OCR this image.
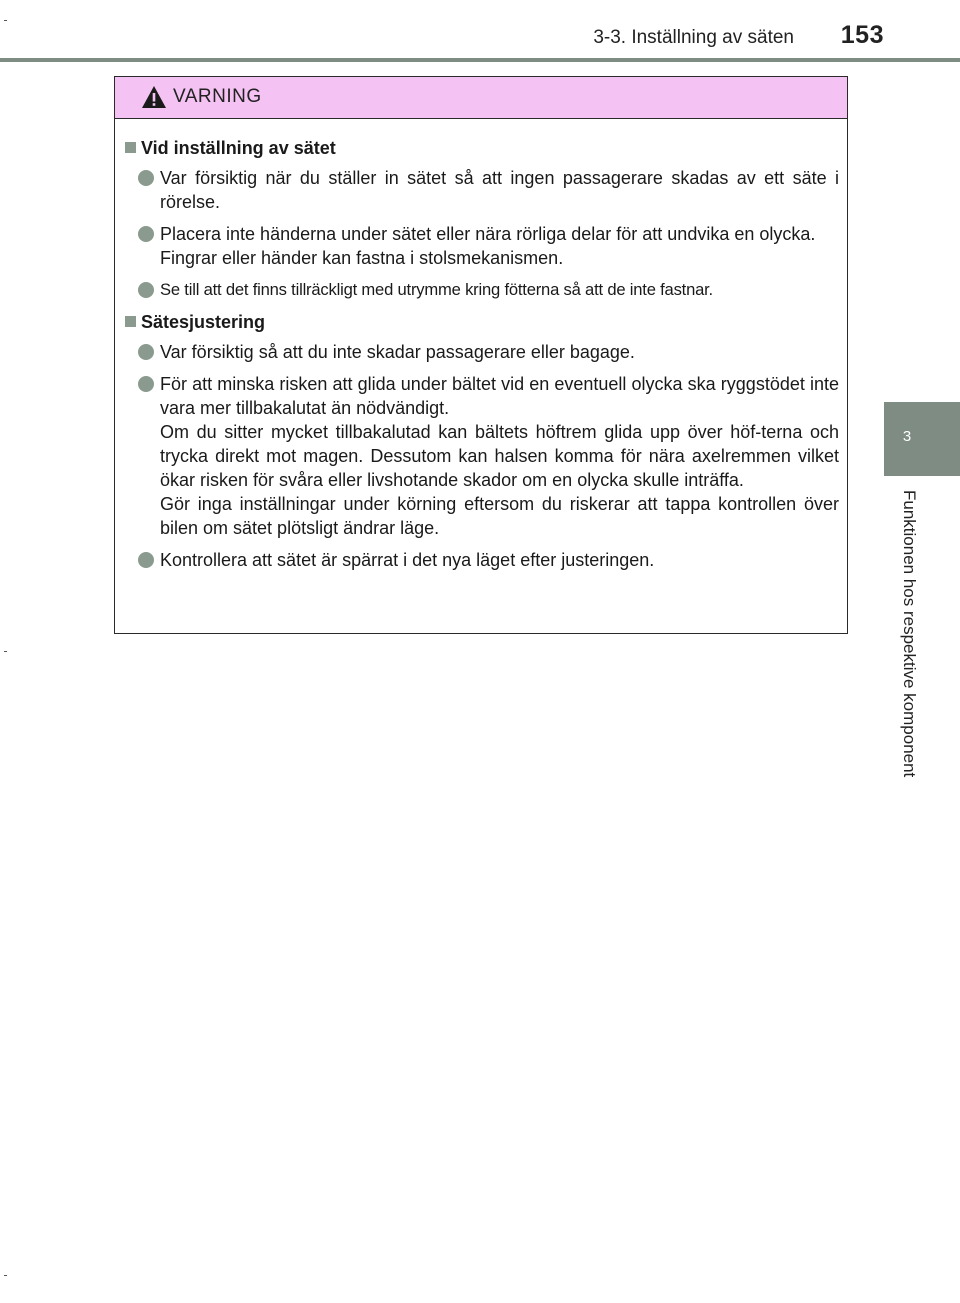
3-3. Inställning av säten	153
3
Funktionen hos respektive komponent
VARNING
Vid inställning av sätet
Var försiktig när du ställer in sätet så att ingen passagerare skadas av ett säte i rörelse.
Placera inte händerna under sätet eller nära rörliga delar för att undvika en olycka.
Fingrar eller händer kan fastna i stolsmekanismen.
Se till att det finns tillräckligt med utrymme kring fötterna så att de inte fastnar.
Sätesjustering
Var försiktig så att du inte skadar passagerare eller bagage.
För att minska risken att glida under bältet vid en eventuell olycka ska ryggstödet inte vara mer tillbakalutat än nödvändigt.
Om du sitter mycket tillbakalutad kan bältets höftrem glida upp över höf-terna och trycka direkt mot magen. Dessutom kan halsen komma för nära axelremmen vilket ökar risken för svåra eller livshotande skador om en olycka skulle inträffa.
Gör inga inställningar under körning eftersom du riskerar att tappa kontrollen över bilen om sätet plötsligt ändrar läge.
Kontrollera att sätet är spärrat i det nya läget efter justeringen.
